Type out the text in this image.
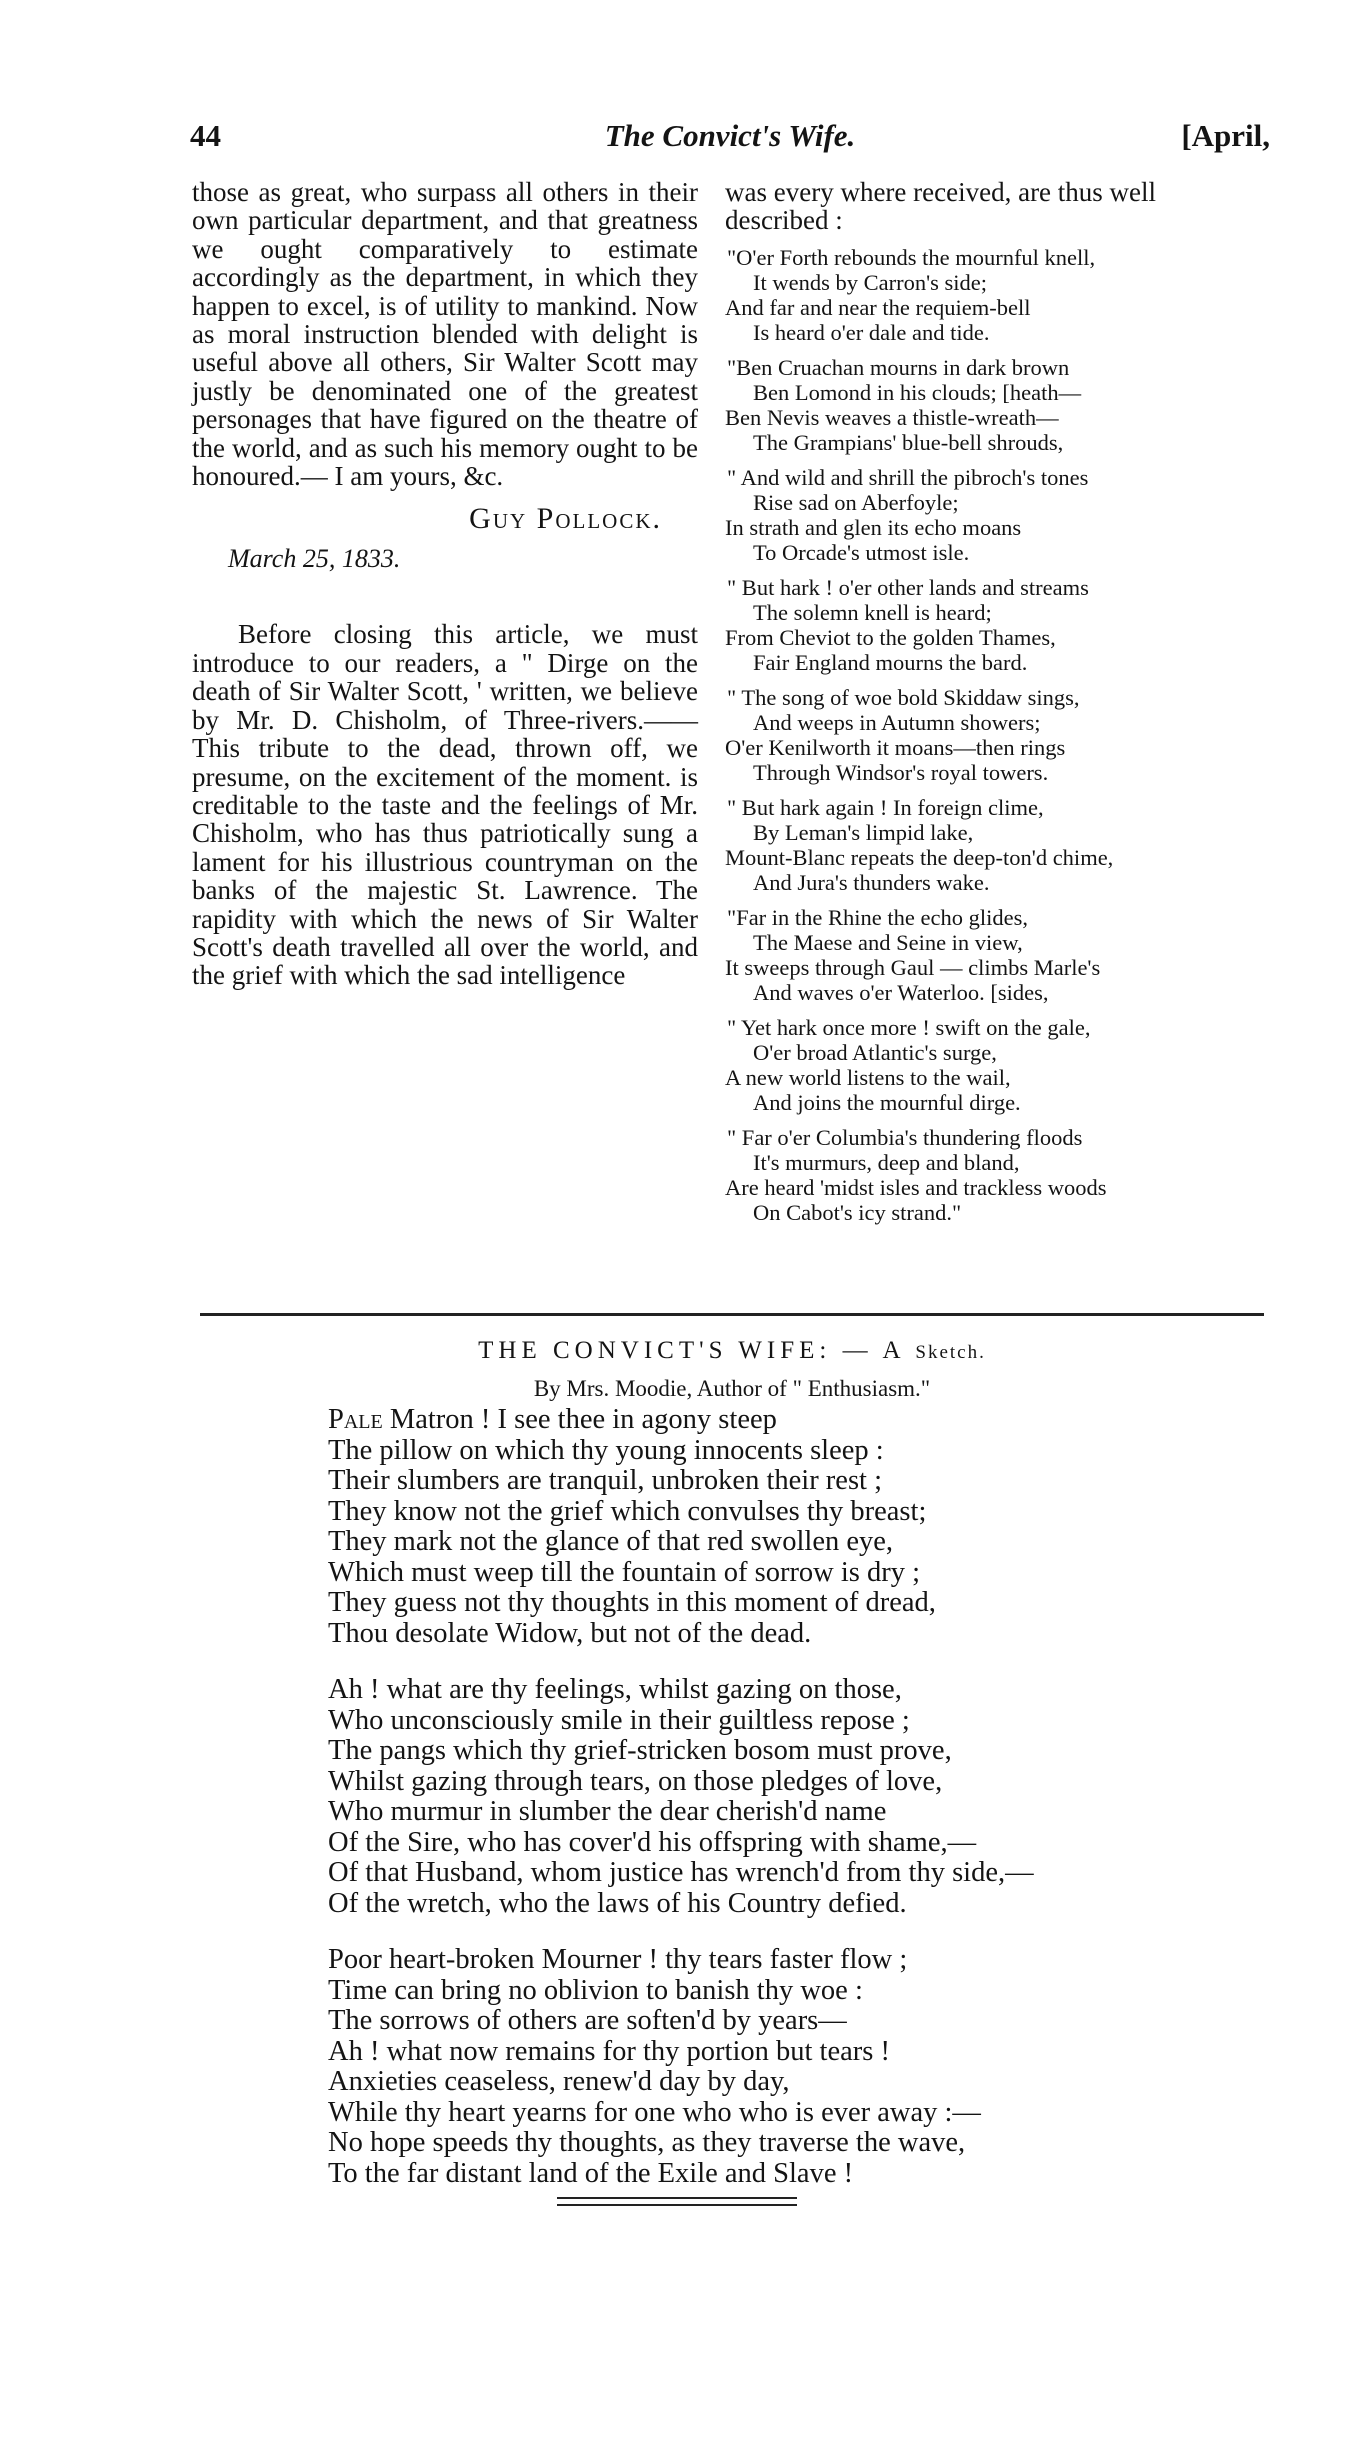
44	The Convict's Wife.	[April,
those as great, who surpass all others in their own particular department, and that greatness we ought comparatively to estimate accordingly as the department, in which they happen to excel, is of utility to mankind. Now as moral instruction blended with delight is useful above all others, Sir Walter Scott may justly be denominated one of the greatest personages that have figured on the theatre of the world, and as such his memory ought to be honoured.— I am yours, &c.
Guy Pollock.
March 25, 1833.
Before closing this article, we must introduce to our readers, a " Dirge on the death of Sir Walter Scott, ' written, we believe by Mr. D. Chisholm, of Three-rivers.—— This tribute to the dead, thrown off, we presume, on the excitement of the moment. is creditable to the taste and the feelings of Mr. Chisholm, who has thus patriotically sung a lament for his illustrious countryman on the banks of the majestic St. Lawrence. The rapidity with which the news of Sir Walter Scott's death travelled all over the world, and the grief with which the sad intelligence
was every where received, are thus well described :
"O'er Forth rebounds the mournful knell,
It wends by Carron's side;
And far and near the requiem-bell
Is heard o'er dale and tide.
"Ben Cruachan mourns in dark brown
Ben Lomond in his clouds; [heath—
Ben Nevis weaves a thistle-wreath—
The Grampians' blue-bell shrouds,
" And wild and shrill the pibroch's tones
Rise sad on Aberfoyle;
In strath and glen its echo moans
To Orcade's utmost isle.
" But hark ! o'er other lands and streams
The solemn knell is heard;
From Cheviot to the golden Thames,
Fair England mourns the bard.
" The song of woe bold Skiddaw sings,
And weeps in Autumn showers;
O'er Kenilworth it moans—then rings
Through Windsor's royal towers.
" But hark again ! In foreign clime,
By Leman's limpid lake,
Mount-Blanc repeats the deep-ton'd chime,
And Jura's thunders wake.
"Far in the Rhine the echo glides,
The Maese and Seine in view,
It sweeps through Gaul — climbs Marle's
And waves o'er Waterloo. [sides,
" Yet hark once more ! swift on the gale,
O'er broad Atlantic's surge,
A new world listens to the wail,
And joins the mournful dirge.
" Far o'er Columbia's thundering floods
It's murmurs, deep and bland,
Are heard 'midst isles and trackless woods
On Cabot's icy strand."
THE CONVICT'S WIFE: — A Sketch.
By Mrs. Moodie, Author of " Enthusiasm."
Pale Matron ! I see thee in agony steep
The pillow on which thy young innocents sleep :
Their slumbers are tranquil, unbroken their rest ;
They know not the grief which convulses thy breast;
They mark not the glance of that red swollen eye,
Which must weep till the fountain of sorrow is dry ;
They guess not thy thoughts in this moment of dread,
Thou desolate Widow, but not of the dead.
Ah ! what are thy feelings, whilst gazing on those,
Who unconsciously smile in their guiltless repose ;
The pangs which thy grief-stricken bosom must prove,
Whilst gazing through tears, on those pledges of love,
Who murmur in slumber the dear cherish'd name
Of the Sire, who has cover'd his offspring with shame,—
Of that Husband, whom justice has wrench'd from thy side,—
Of the wretch, who the laws of his Country defied.
Poor heart-broken Mourner ! thy tears faster flow ;
Time can bring no oblivion to banish thy woe :
The sorrows of others are soften'd by years—
Ah ! what now remains for thy portion but tears !
Anxieties ceaseless, renew'd day by day,
While thy heart yearns for one who who is ever away :—
No hope speeds thy thoughts, as they traverse the wave,
To the far distant land of the Exile and Slave !
